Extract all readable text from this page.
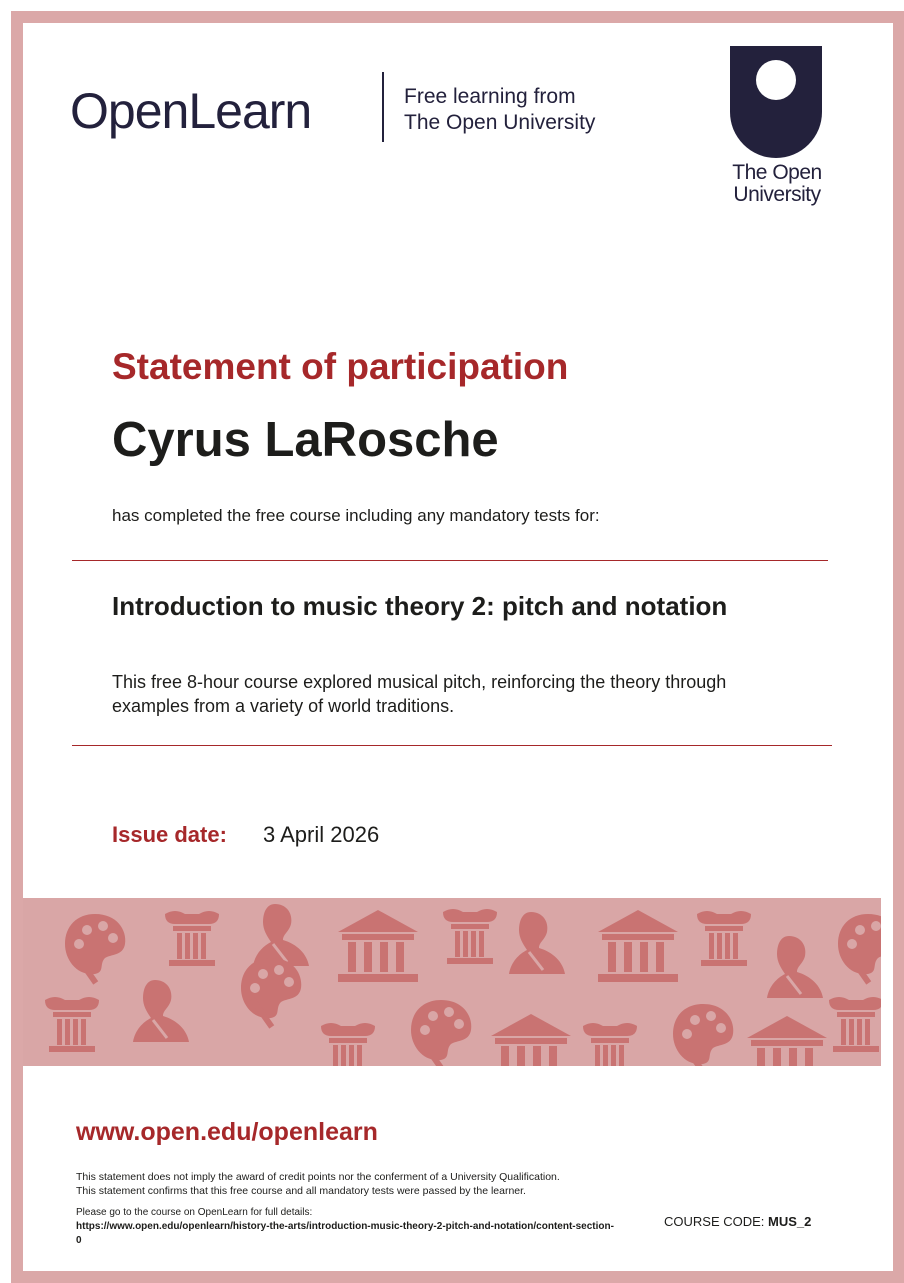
OpenLearn	Free learning from
The Open University
The Open
University
Statement of participation
Cyrus LaRosche
has completed the free course including any mandatory tests for:
Introduction to music theory 2: pitch and notation
This free 8-hour course explored musical pitch, reinforcing the theory through examples from a variety of world traditions.
Issue date: 3 April 2026
www.open.edu/openlearn
This statement does not imply the award of credit points nor the conferment of a University Qualification.
This statement confirms that this free course and all mandatory tests were passed by the learner.
Please go to the course on OpenLearn for full details:
https://www.open.edu/openlearn/history-the-arts/introduction-music-theory-2-pitch-and-notation/content-section-0
COURSE CODE: MUS_2
